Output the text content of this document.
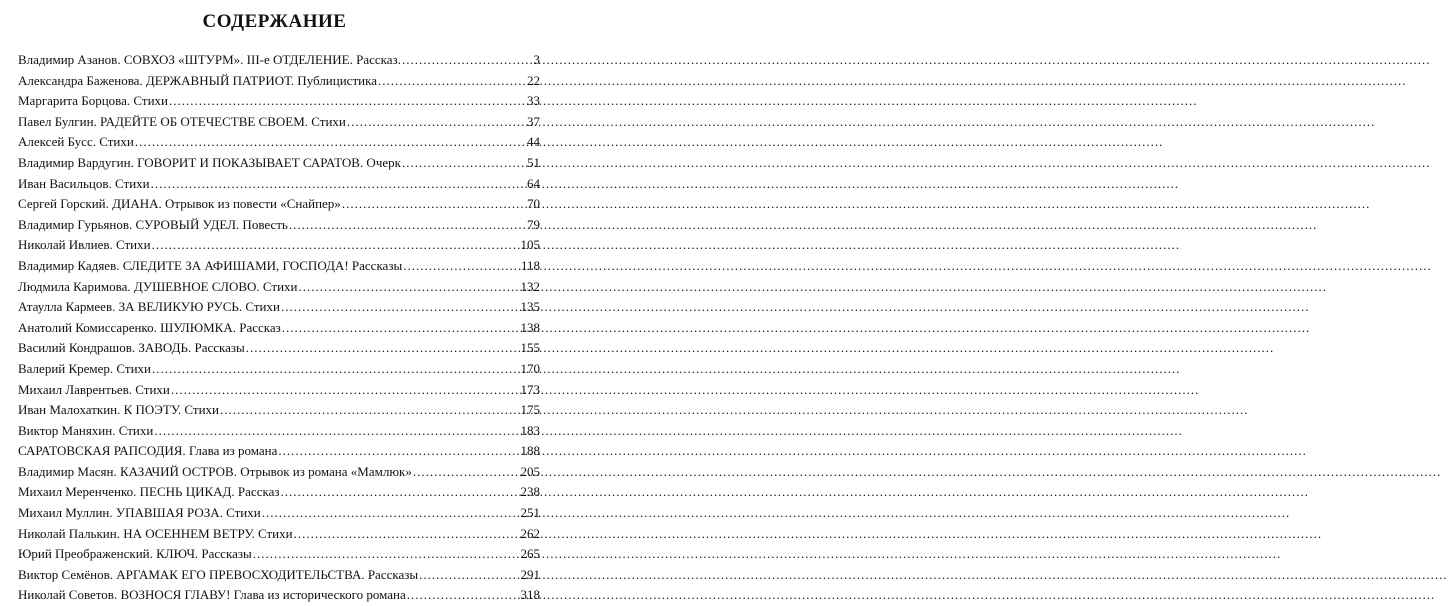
СОДЕРЖАНИЕ
Владимир Азанов. СОВХОЗ «ШТУРМ». III-е ОТДЕЛЕНИЕ. Рассказ. .....	3
Александра Баженова. ДЕРЖАВНЫЙ ПАТРИОТ. Публицистика .....	22
Маргарита Борцова. Стихи .....	33
Павел Булгин. РАДЕЙТЕ ОБ ОТЕЧЕСТВЕ СВОЕМ. Стихи .....	37
Алексей Бусс. Стихи .....	44
Владимир Вардугин. ГОВОРИТ И ПОКАЗЫВАЕТ САРАТОВ. Очерк .....	51
Иван Васильцов. Стихи .....	64
Сергей Горский. ДИАНА. Отрывок из повести «Снайпер» .....	70
Владимир Гурьянов. СУРОВЫЙ УДЕЛ. Повесть .....	79
Николай Ивлиев. Стихи .....	105
Владимир Кадяев. СЛЕДИТЕ ЗА АФИШАМИ, ГОСПОДА! Рассказы .....	118
Людмила Каримова. ДУШЕВНОЕ СЛОВО. Стихи .....	132
Атаулла Кармеев. ЗА ВЕЛИКУЮ РУСЬ. Стихи .....	135
Анатолий Комиссаренко. ШУЛЮМКА. Рассказ .....	138
Василий Кондрашов. ЗАВОДЬ. Рассказы .....	155
Валерий Кремер. Стихи .....	170
Михаил Лаврентьев. Стихи .....	173
Иван Малохаткин. К ПОЭТУ. Стихи .....	175
Виктор Маняхин. Стихи .....	183
САРАТОВСКАЯ РАПСОДИЯ. Глава из романа .....	188
Владимир Масян. КАЗАЧИЙ ОСТРОВ. Отрывок из романа «Мамлюк» .....	205
Михаил Меренченко. ПЕСНЬ ЦИКАД. Рассказ .....	238
Михаил Муллин. УПАВШАЯ РОЗА. Стихи .....	251
Николай Палькин. НА ОСЕННЕМ ВЕТРУ. Стихи .....	262
Юрий Преображенский. КЛЮЧ. Рассказы .....	265
Виктор Семёнов. АРГАМАК ЕГО ПРЕВОСХОДИТЕЛЬСТВА. Рассказы .....	291
Николай Советов. ВОЗНОСЯ ГЛАВУ! Глава из исторического романа .....	318
